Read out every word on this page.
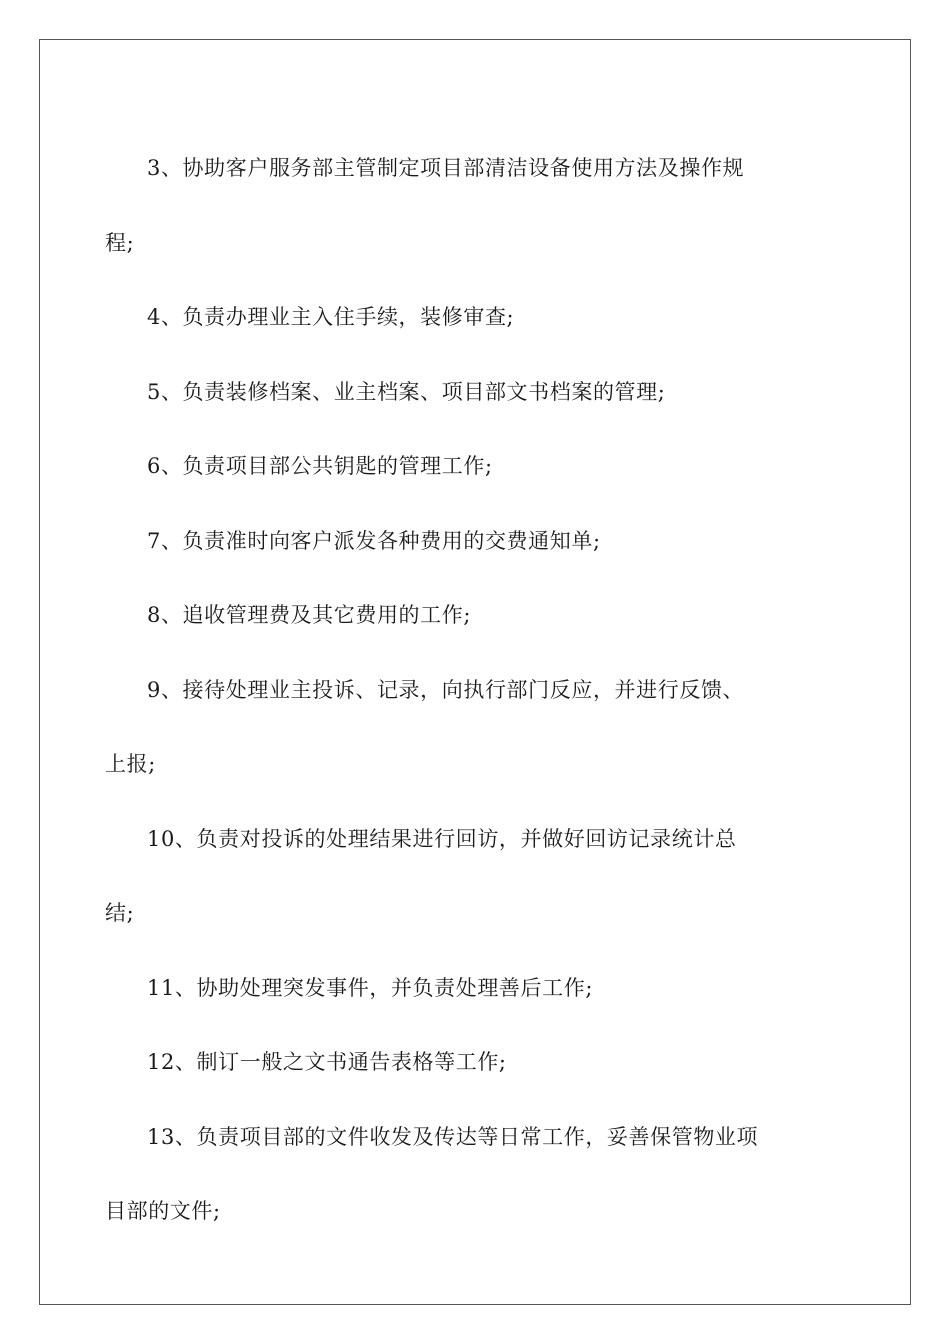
3、协助客户服务部主管制定项目部清洁设备使用方法及操作规程;

4、负责办理业主入住手续，装修审查;

5、负责装修档案、业主档案、项目部文书档案的管理;

6、负责项目部公共钥匙的管理工作;

7、负责准时向客户派发各种费用的交费通知单;

8、追收管理费及其它费用的工作;

9、接待处理业主投诉、记录，向执行部门反应，并进行反馈、上报;

10、负责对投诉的处理结果进行回访，并做好回访记录统计总结;

11、协助处理突发事件，并负责处理善后工作;

12、制订一般之文书通告表格等工作;

13、负责项目部的文件收发及传达等日常工作，妥善保管物业项目部的文件;
